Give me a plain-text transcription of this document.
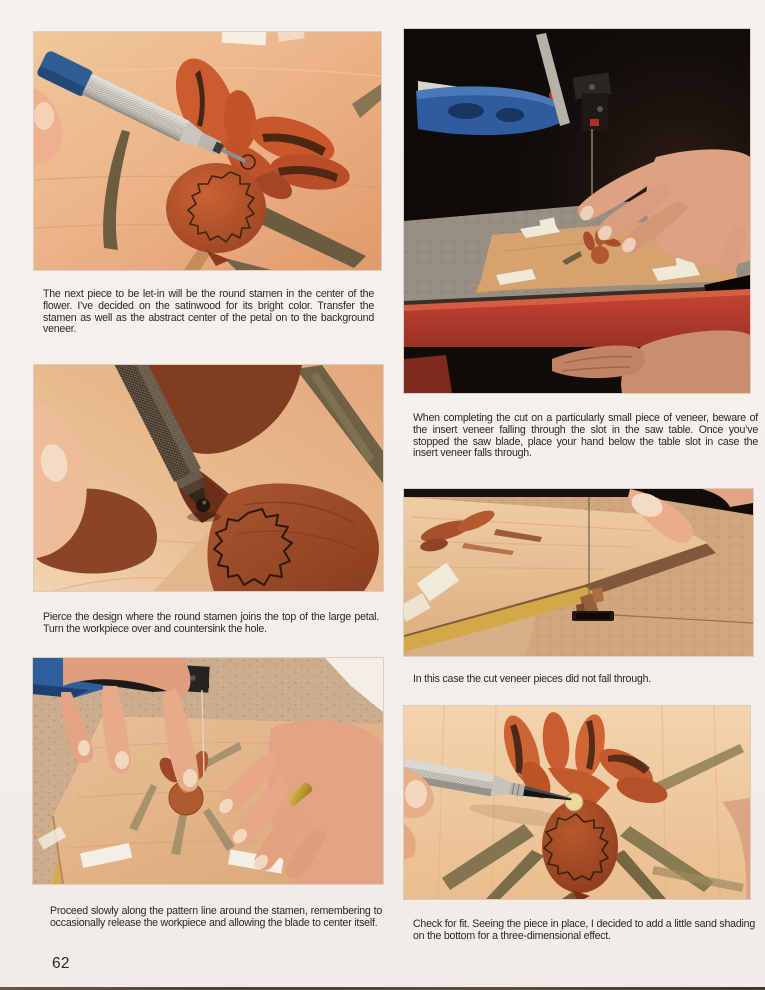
The next piece to be let-in will be the round stamen in the center of the flower. I’ve decided on the satinwood for its bright color. Transfer the stamen as well as the abstract center of the petal on to the background veneer.
Pierce the design where the round stamen joins the top of the large petal. Turn the workpiece over and countersink the hole.
Proceed slowly along the pattern line around the stamen, remembering to occasionally release the workpiece and allowing the blade to center itself.
When completing the cut on a particularly small piece of veneer, beware of the insert veneer falling through the slot in the saw table. Once you’ve stopped the saw blade, place your hand below the table slot in case the insert veneer falls through.
In this case the cut veneer pieces did not fall through.
Check for fit. Seeing the piece in place, I decided to add a little sand shading on the bottom for a three-dimensional effect.
62
